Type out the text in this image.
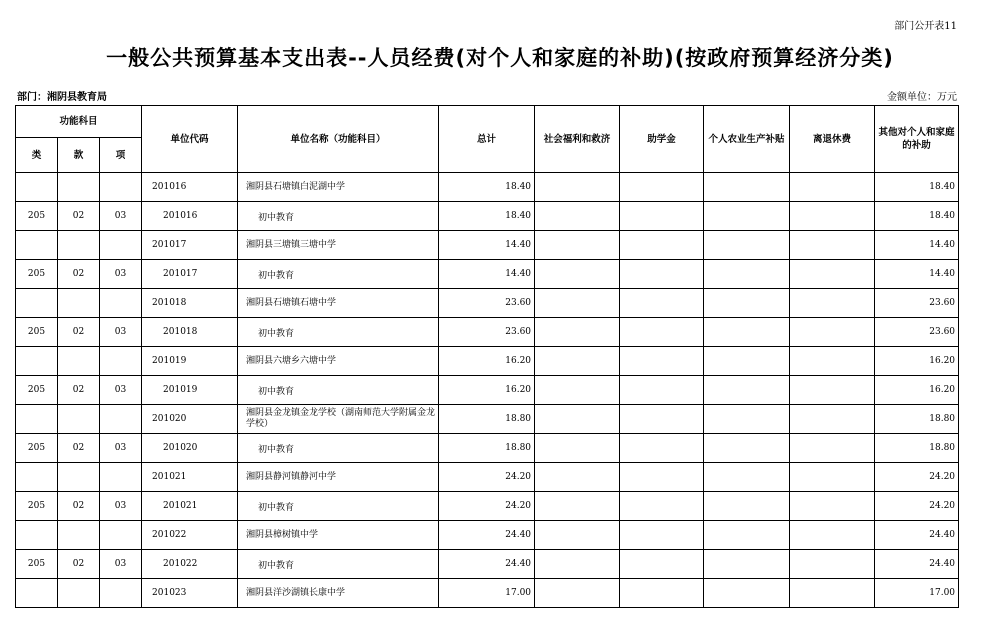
部门公开表11
一般公共预算基本支出表--人员经费(对个人和家庭的补助)(按政府预算经济分类)
部门：湘阴县教育局	金额单位：万元
功能科目			单位代码	单位名称（功能科目）	总计	社会福利和救济	助学金	个人农业生产补贴	离退休费	其他对个人和家庭的补助
类	款	项								
			201016	湘阴县石塘镇白泥湖中学	18.40					18.40
205	02	03	201016	初中教育	18.40					18.40
			201017	湘阴县三塘镇三塘中学	14.40					14.40
205	02	03	201017	初中教育	14.40					14.40
			201018	湘阴县石塘镇石塘中学	23.60					23.60
205	02	03	201018	初中教育	23.60					23.60
			201019	湘阴县六塘乡六塘中学	16.20					16.20
205	02	03	201019	初中教育	16.20					16.20
			201020	湘阴县金龙镇金龙学校（湖南师范大学附属金龙学校）	18.80					18.80
205	02	03	201020	初中教育	18.80					18.80
			201021	湘阴县静河镇静河中学	24.20					24.20
205	02	03	201021	初中教育	24.20					24.20
			201022	湘阴县樟树镇中学	24.40					24.40
205	02	03	201022	初中教育	24.40					24.40
			201023	湘阴县洋沙湖镇长康中学	17.00					17.00
